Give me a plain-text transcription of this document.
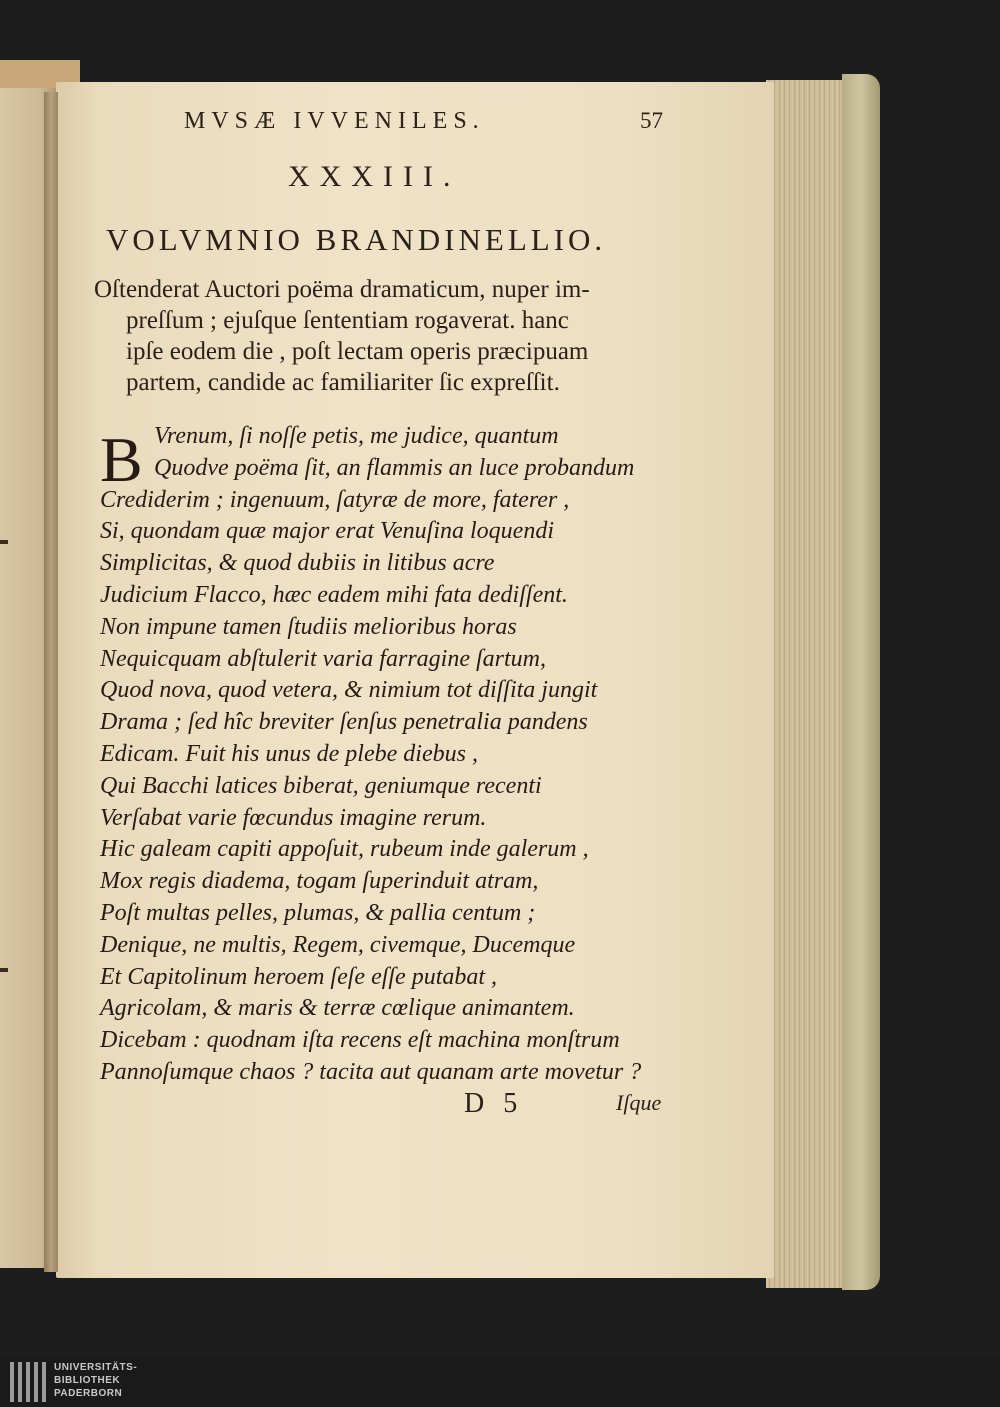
MVSÆ IVVENILES.	57
XXXIII.
VOLVMNIO BRANDINELLIO.
Oſtenderat Auctori poëma dramaticum, nuper im-
preſſum ; ejuſque ſententiam rogaverat. hanc
ipſe eodem die , poſt lectam operis præcipuam
partem, candide ac familiariter ſic expreſſit.
B Vrenum, ſi noſſe petis, me judice, quantum
Quodve poëma ſit, an flammis an luce probandum
Crediderim ; ingenuum, ſatyræ de more, faterer ,
Si, quondam quæ major erat Venuſina loquendi
Simplicitas, & quod dubiis in litibus acre
Judicium Flacco, hæc eadem mihi fata dediſſent.
Non impune tamen ſtudiis melioribus horas
Nequicquam abſtulerit varia farragine ſartum,
Quod nova, quod vetera, & nimium tot diſſita jungit
Drama ; ſed hîc breviter ſenſus penetralia pandens
Edicam. Fuit his unus de plebe diebus ,
Qui Bacchi latices biberat, geniumque recenti
Verſabat varie fœcundus imagine rerum.
Hic galeam capiti appoſuit, rubeum inde galerum ,
Mox regis diadema, togam ſuperinduit atram,
Poſt multas pelles, plumas, & pallia centum ;
Denique, ne multis, Regem, civemque, Ducemque
Et Capitolinum heroem ſeſe eſſe putabat ,
Agricolam, & maris & terræ cœlique animantem.
Dicebam : quodnam iſta recens eſt machina monſtrum
Pannoſumque chaos ? tacita aut quanam arte movetur ?
D 5	Iſque
UNIVERSITÄTS-
BIBLIOTHEK
PADERBORN
